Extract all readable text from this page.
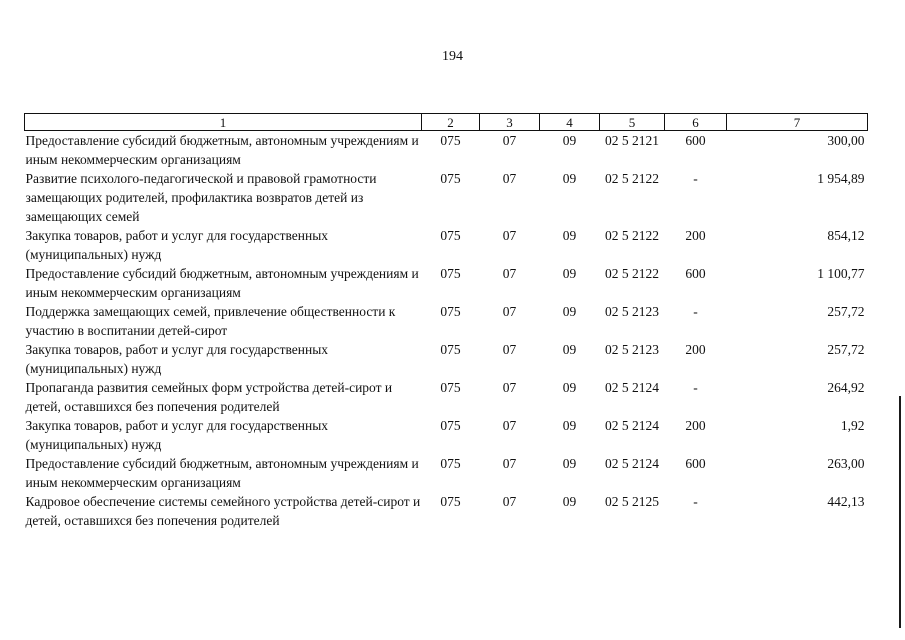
194
1	2	3	4	5	6	7
Предоставление субсидий бюджетным, автономным учреждениям и иным некоммерческим организациям	075	07	09	02 5 2121	600	300,00
Развитие психолого-педагогической и правовой грамотности замещающих родителей, профилактика возвратов детей из замещающих семей	075	07	09	02 5 2122	-	1 954,89
Закупка товаров, работ и услуг для государственных (муниципальных) нужд	075	07	09	02 5 2122	200	854,12
Предоставление субсидий бюджетным, автономным учреждениям и иным некоммерческим организациям	075	07	09	02 5 2122	600	1 100,77
Поддержка замещающих семей, привлечение общественности к участию в воспитании детей-сирот	075	07	09	02 5 2123	-	257,72
Закупка товаров, работ и услуг для государственных (муниципальных) нужд	075	07	09	02 5 2123	200	257,72
Пропаганда развития семейных форм устройства детей-сирот и детей, оставшихся без попечения родителей	075	07	09	02 5 2124	-	264,92
Закупка товаров, работ и услуг для государственных (муниципальных) нужд	075	07	09	02 5 2124	200	1,92
Предоставление субсидий бюджетным, автономным учреждениям и иным некоммерческим организациям	075	07	09	02 5 2124	600	263,00
Кадровое обеспечение системы семейного устройства детей-сирот и детей, оставшихся без попечения родителей	075	07	09	02 5 2125	-	442,13
